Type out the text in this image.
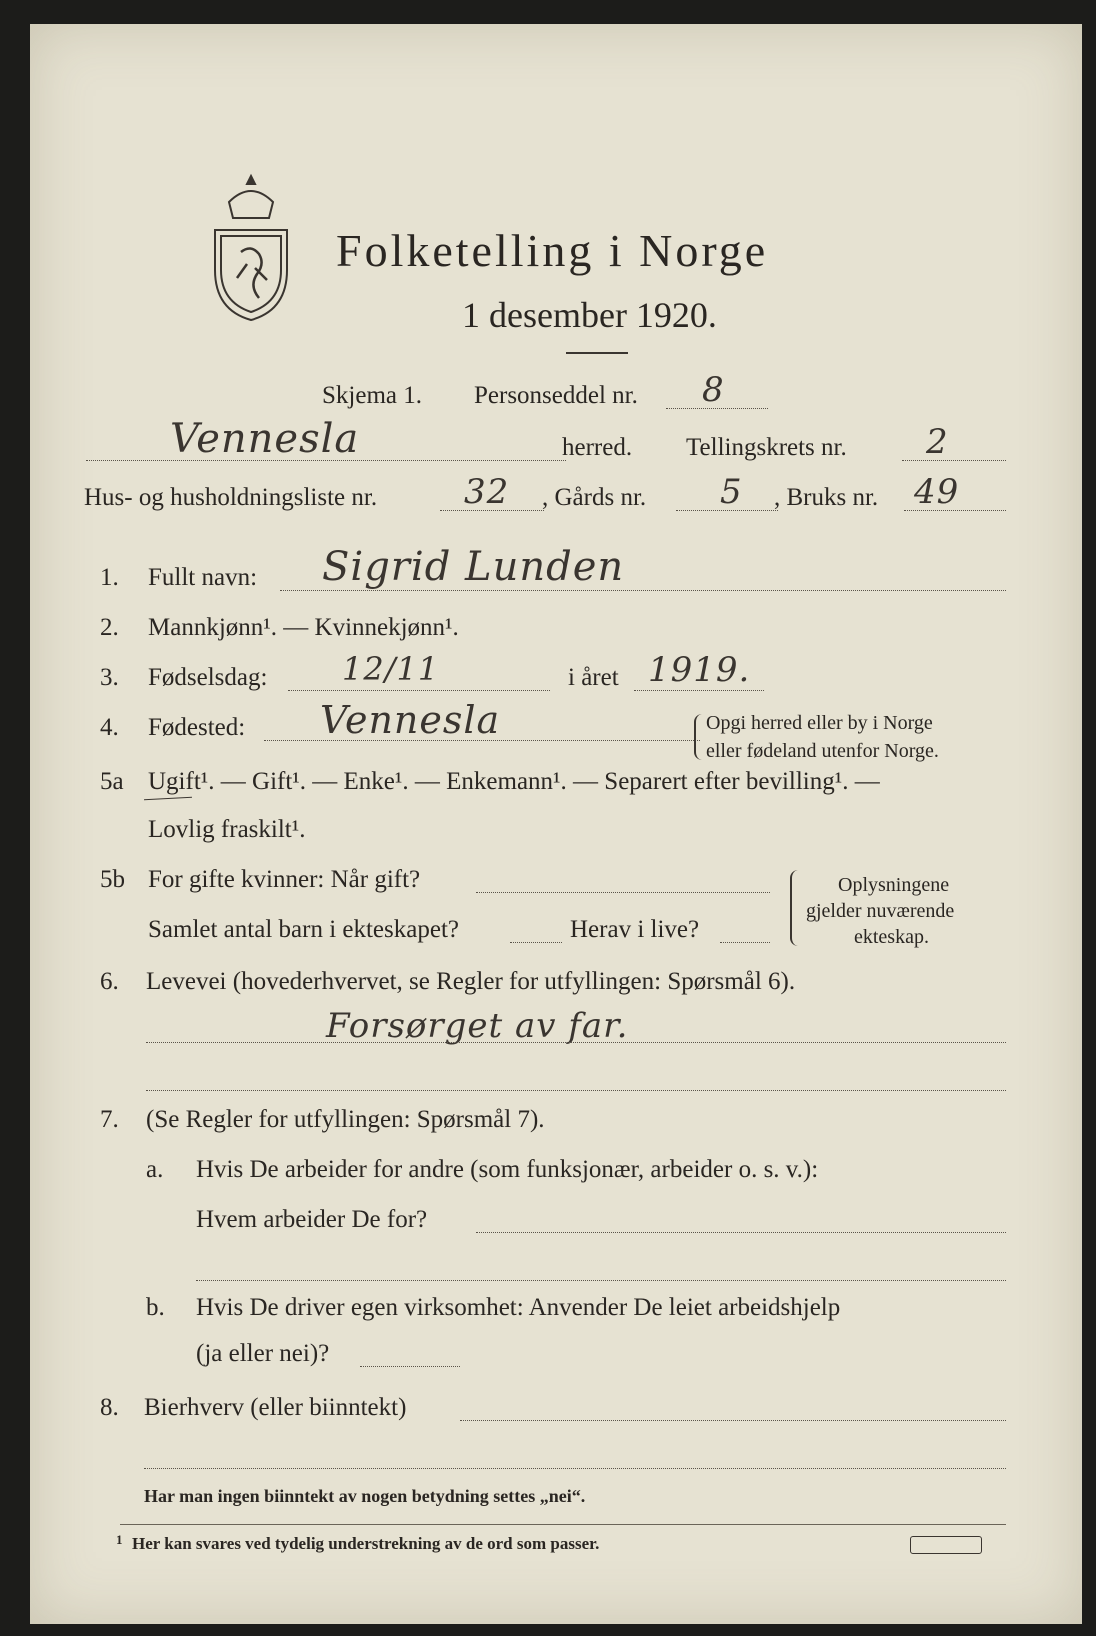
Folketelling i Norge
1 desember 1920.
Skjema 1. Personseddel nr. 8
Vennesla	herred. Tellingskrets nr. 2
Hus- og husholdningsliste nr.	32 , Gårds nr. 5 , Bruks nr. 49
1. Fullt navn: Sigrid Lunden
2. Mannkjønn¹. — Kvinnekjønn¹.
3. Fødselsdag: 12/11	i året 1919.
4. Fødested: Vennesla	Opgi herred eller by i Norge
eller fødeland utenfor Norge.
5a Ugift¹. — Gift¹. — Enke¹. — Enkemann¹. — Separert efter bevilling¹. —
Lovlig fraskilt¹.
5b For gifte kvinner: Når gift?
Samlet antal barn i ekteskapet?	Herav i live?
Oplysningene
gjelder nuværende
ekteskap.
6. Levevei (hovederhvervet, se Regler for utfyllingen: Spørsmål 6).
Forsørget av far.
7. (Se Regler for utfyllingen: Spørsmål 7).
a. Hvis De arbeider for andre (som funksjonær, arbeider o. s. v.):
Hvem arbeider De for?
b. Hvis De driver egen virksomhet: Anvender De leiet arbeidshjelp
(ja eller nei)?
8. Bierhverv (eller biinntekt)
Har man ingen biinntekt av nogen betydning settes „nei“.
1 Her kan svares ved tydelig understrekning av de ord som passer.
